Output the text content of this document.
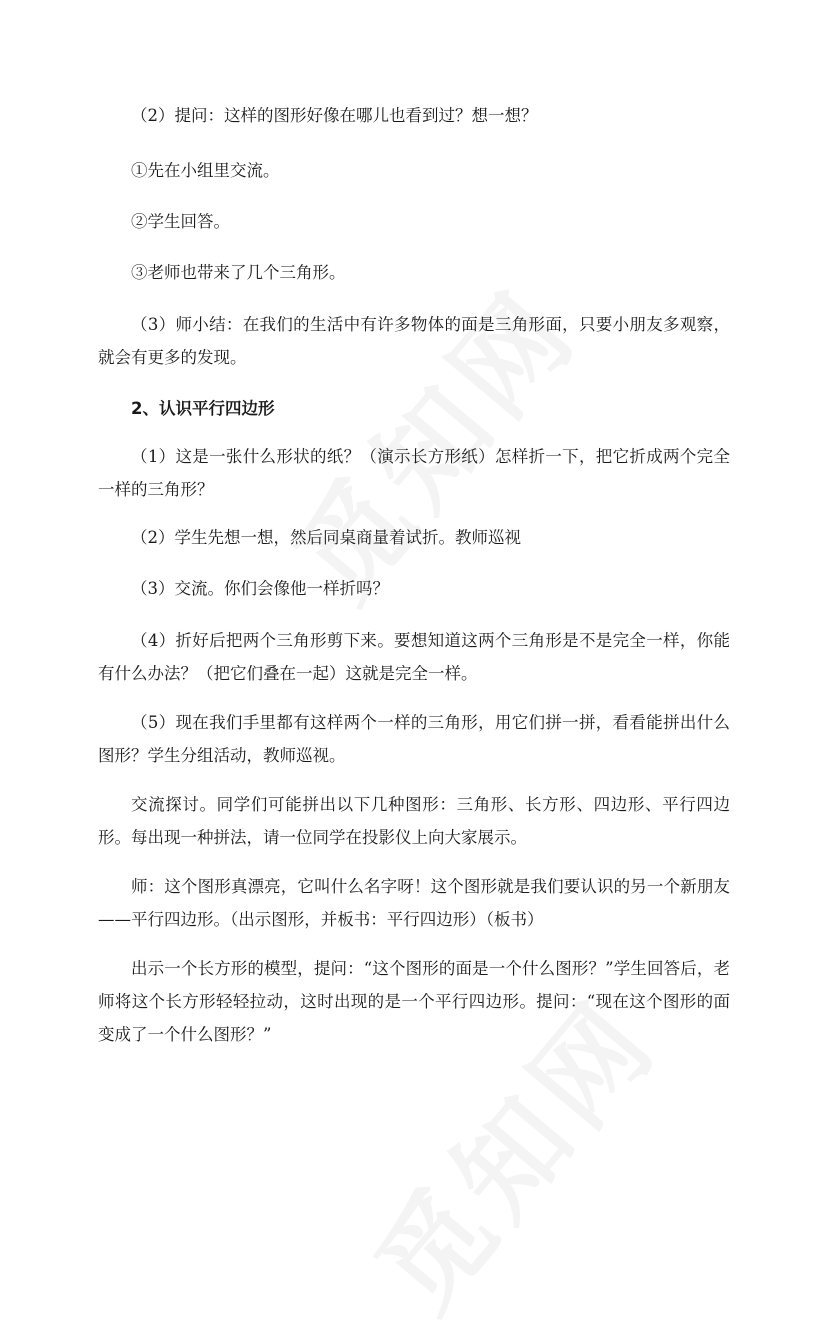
（2）提问：这样的图形好像在哪儿也看到过？想一想？

①先在小组里交流。

②学生回答。

③老师也带来了几个三角形。

（3）师小结：在我们的生活中有许多物体的面是三角形面，只要小朋友多观察，就会有更多的发现。

2、认识平行四边形

（1）这是一张什么形状的纸？（演示长方形纸）怎样折一下，把它折成两个完全一样的三角形？

（2）学生先想一想，然后同桌商量着试折。教师巡视

（3）交流。你们会像他一样折吗？

（4）折好后把两个三角形剪下来。要想知道这两个三角形是不是完全一样，你能有什么办法？（把它们叠在一起）这就是完全一样。

（5）现在我们手里都有这样两个一样的三角形，用它们拼一拼，看看能拼出什么图形？学生分组活动，教师巡视。

交流探讨。同学们可能拼出以下几种图形：三角形、长方形、四边形、平行四边形。每出现一种拼法，请一位同学在投影仪上向大家展示。

师：这个图形真漂亮，它叫什么名字呀！这个图形就是我们要认识的另一个新朋友——平行四边形。（出示图形，并板书：平行四边形）（板书）

出示一个长方形的模型，提问：“这个图形的面是一个什么图形？”学生回答后，老师将这个长方形轻轻拉动，这时出现的是一个平行四边形。提问：“现在这个图形的面变成了一个什么图形？”
